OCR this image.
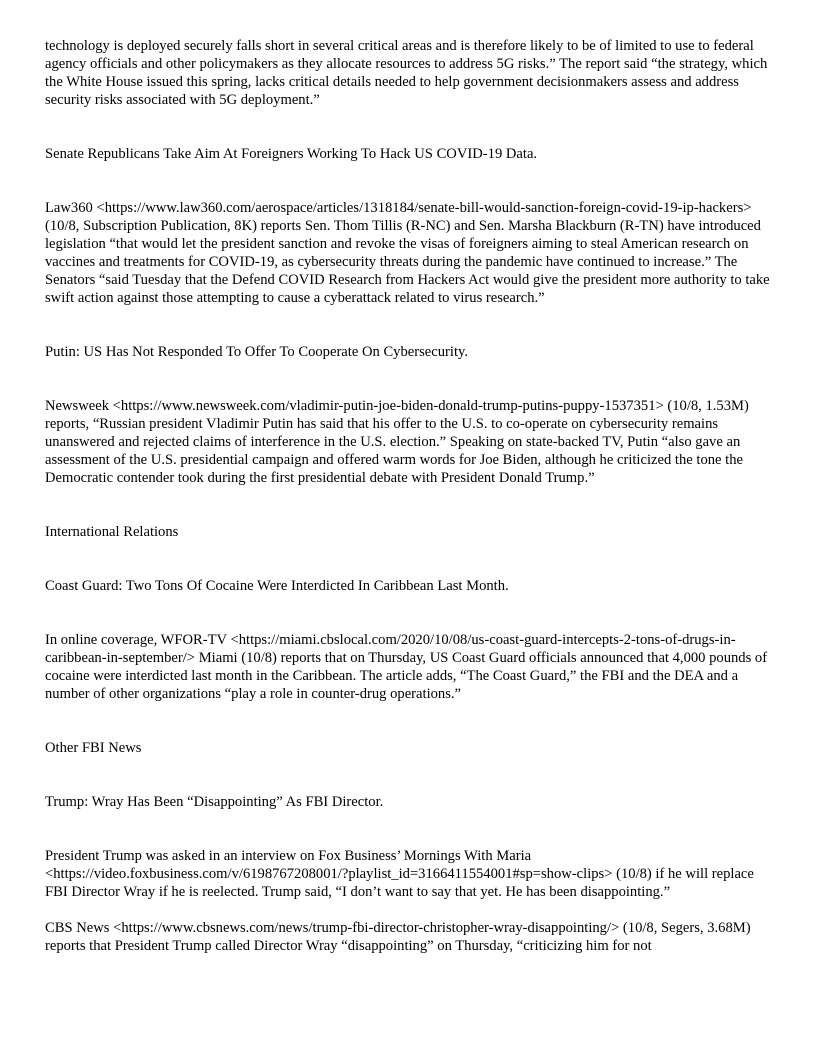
technology is deployed securely falls short in several critical areas and is therefore likely to be of limited to use to federal agency officials and other policymakers as they allocate resources to address 5G risks.” The report said “the strategy, which the White House issued this spring, lacks critical details needed to help government decisionmakers assess and address security risks associated with 5G deployment.”

Senate Republicans Take Aim At Foreigners Working To Hack US COVID-19 Data.

Law360 <https://www.law360.com/aerospace/articles/1318184/senate-bill-would-sanction-foreign-covid-19-ip-hackers> (10/8, Subscription Publication, 8K) reports Sen. Thom Tillis (R-NC) and Sen. Marsha Blackburn (R-TN) have introduced legislation “that would let the president sanction and revoke the visas of foreigners aiming to steal American research on vaccines and treatments for COVID-19, as cybersecurity threats during the pandemic have continued to increase.” The Senators “said Tuesday that the Defend COVID Research from Hackers Act would give the president more authority to take swift action against those attempting to cause a cyberattack related to virus research.”

Putin: US Has Not Responded To Offer To Cooperate On Cybersecurity.

Newsweek <https://www.newsweek.com/vladimir-putin-joe-biden-donald-trump-putins-puppy-1537351> (10/8, 1.53M) reports, “Russian president Vladimir Putin has said that his offer to the U.S. to co-operate on cybersecurity remains unanswered and rejected claims of interference in the U.S. election.” Speaking on state-backed TV, Putin “also gave an assessment of the U.S. presidential campaign and offered warm words for Joe Biden, although he criticized the tone the Democratic contender took during the first presidential debate with President Donald Trump.”

International Relations

Coast Guard: Two Tons Of Cocaine Were Interdicted In Caribbean Last Month.

In online coverage, WFOR-TV <https://miami.cbslocal.com/2020/10/08/us-coast-guard-intercepts-2-tons-of-drugs-in-caribbean-in-september/> Miami (10/8) reports that on Thursday, US Coast Guard officials announced that 4,000 pounds of cocaine were interdicted last month in the Caribbean. The article adds, “The Coast Guard,” the FBI and the DEA and a number of other organizations “play a role in counter-drug operations.”

Other FBI News

Trump: Wray Has Been “Disappointing” As FBI Director.

President Trump was asked in an interview on Fox Business’ Mornings With Maria <https://video.foxbusiness.com/v/6198767208001/?playlist_id=3166411554001#sp=show-clips> (10/8) if he will replace FBI Director Wray if he is reelected. Trump said, “I don’t want to say that yet. He has been disappointing.”

CBS News <https://www.cbsnews.com/news/trump-fbi-director-christopher-wray-disappointing/> (10/8, Segers, 3.68M) reports that President Trump called Director Wray “disappointing” on Thursday, “criticizing him for not
